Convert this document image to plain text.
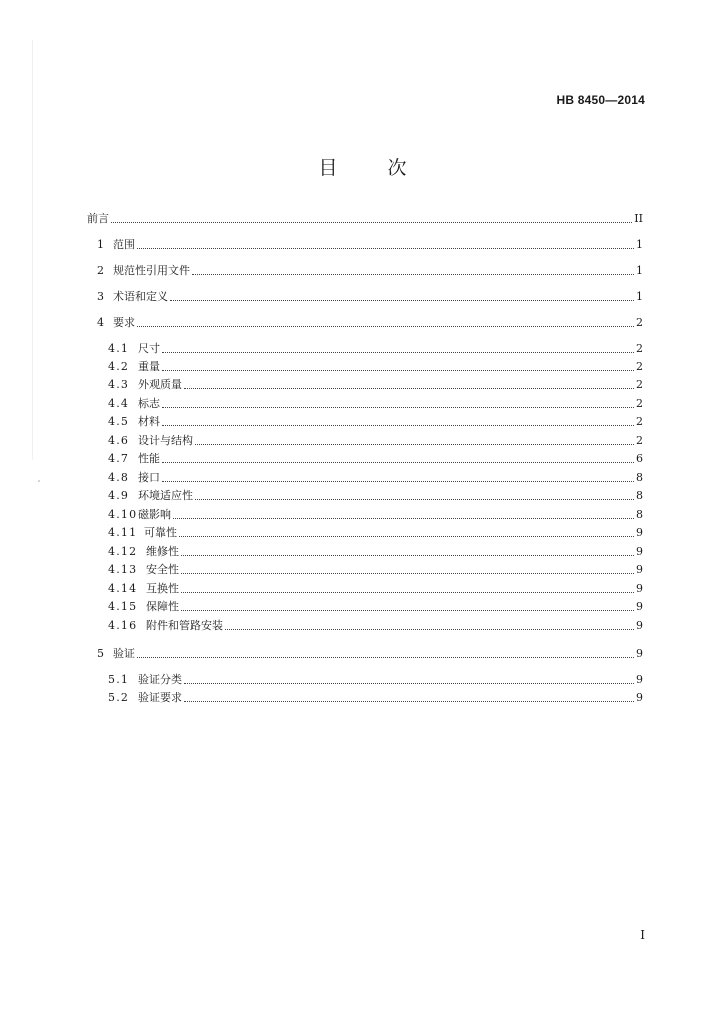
HB 8450—2014
目	次
前言	II
1 范围	1
2 规范性引用文件	1
3 术语和定义	1
4 要求	2
4.1 尺寸	2
4.2 重量	2
4.3 外观质量	2
4.4 标志	2
4.5 材料	2
4.6 设计与结构	2
4.7 性能	6
4.8 接口	8
4.9 环境适应性	8
4.10 磁影响	8
4.11 可靠性	9
4.12 维修性	9
4.13 安全性	9
4.14 互换性	9
4.15 保障性	9
4.16 附件和管路安装	9
5 验证	9
5.1 验证分类	9
5.2 验证要求	9
I
